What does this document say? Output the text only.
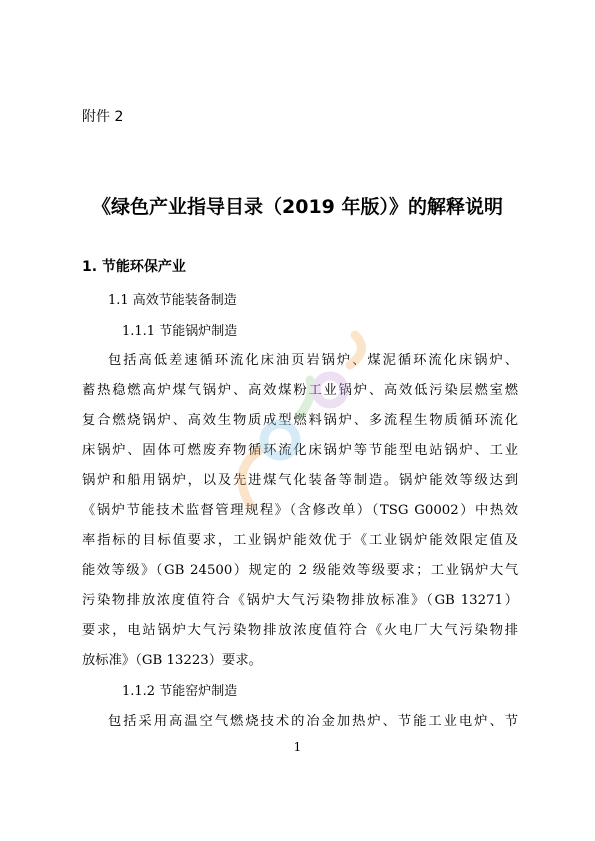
附件 2
《绿色产业指导目录（2019 年版）》的解释说明
1. 节能环保产业
1.1 高效节能装备制造
1.1.1 节能锅炉制造
包括高低差速循环流化床油页岩锅炉、煤泥循环流化床锅炉、
蓄热稳燃高炉煤气锅炉、高效煤粉工业锅炉、高效低污染层燃室燃
复合燃烧锅炉、高效生物质成型燃料锅炉、多流程生物质循环流化
床锅炉、固体可燃废弃物循环流化床锅炉等节能型电站锅炉、工业
锅炉和船用锅炉，以及先进煤气化装备等制造。锅炉能效等级达到
《锅炉节能技术监督管理规程》（含修改单）（TSG G0002）中热效
率指标的目标值要求，工业锅炉能效优于《工业锅炉能效限定值及
能效等级》（GB 24500）规定的 2 级能效等级要求；工业锅炉大气
污染物排放浓度值符合《锅炉大气污染物排放标准》（GB 13271）
要求，电站锅炉大气污染物排放浓度值符合《火电厂大气污染物排
放标准》（GB 13223）要求。
1.1.2 节能窑炉制造
包括采用高温空气燃烧技术的冶金加热炉、节能工业电炉、节
1
